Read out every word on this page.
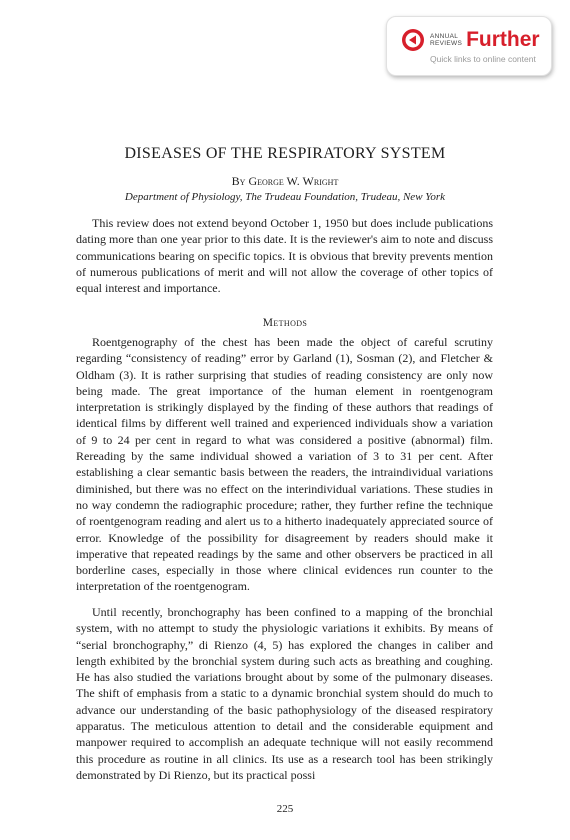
ANNUAL
REVIEWS Further
Quick links to online content
DISEASES OF THE RESPIRATORY SYSTEM
By George W. Wright
Department of Physiology, The Trudeau Foundation, Trudeau, New York

This review does not extend beyond October 1, 1950 but does include publications dating more than one year prior to this date. It is the reviewer's aim to note and discuss communications bearing on specific topics. It is obvious that brevity prevents mention of numerous publications of merit and will not allow the coverage of other topics of equal interest and importance.

Methods

Roentgenography of the chest has been made the object of careful scrutiny regarding “consistency of reading” error by Garland (1), Sosman (2), and Fletcher & Oldham (3). It is rather surprising that studies of reading consistency are only now being made. The great importance of the human element in roentgenogram interpretation is strikingly displayed by the finding of these authors that readings of identical films by different well trained and experienced individuals show a variation of 9 to 24 per cent in regard to what was considered a positive (abnormal) film. Rereading by the same individual showed a variation of 3 to 31 per cent. After establishing a clear semantic basis between the readers, the intraindividual variations diminished, but there was no effect on the interindividual variations. These studies in no way condemn the radiographic procedure; rather, they further refine the technique of roentgenogram reading and alert us to a hitherto inadequately appreciated source of error. Knowledge of the possibility for disagreement by readers should make it imperative that repeated readings by the same and other observers be practiced in all borderline cases, especially in those where clinical evidences run counter to the interpretation of the roentgenogram.

Until recently, bronchography has been confined to a mapping of the bronchial system, with no attempt to study the physiologic variations it exhibits. By means of “serial bronchography,” di Rienzo (4, 5) has explored the changes in caliber and length exhibited by the bronchial system during such acts as breathing and coughing. He has also studied the variations brought about by some of the pulmonary diseases. The shift of emphasis from a static to a dynamic bronchial system should do much to advance our understanding of the basic pathophysiology of the diseased respiratory apparatus. The meticulous attention to detail and the considerable equipment and manpower required to accomplish an adequate technique will not easily recommend this procedure as routine in all clinics. Its use as a research tool has been strikingly demonstrated by Di Rienzo, but its practical possi

225
